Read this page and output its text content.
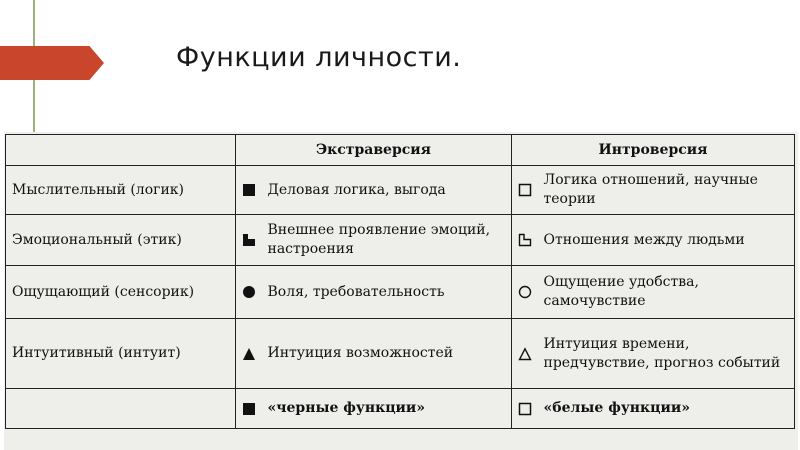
Функции личности.
	Экстраверсия		Интроверсия	
Мыслительный (логик)		Деловая логика, выгода		Логика отношений, научные теории
Эмоциональный (этик)		Внешнее проявление эмоций, настроения		Отношения между людьми
Ощущающий (сенсорик)		Воля, требовательность		Ощущение удобства, самочувствие
Интуитивный (интуит)		Интуиция возможностей		Интуиция времени, предчувствие, прогноз событий

	«черные функции»		«белые функции»
